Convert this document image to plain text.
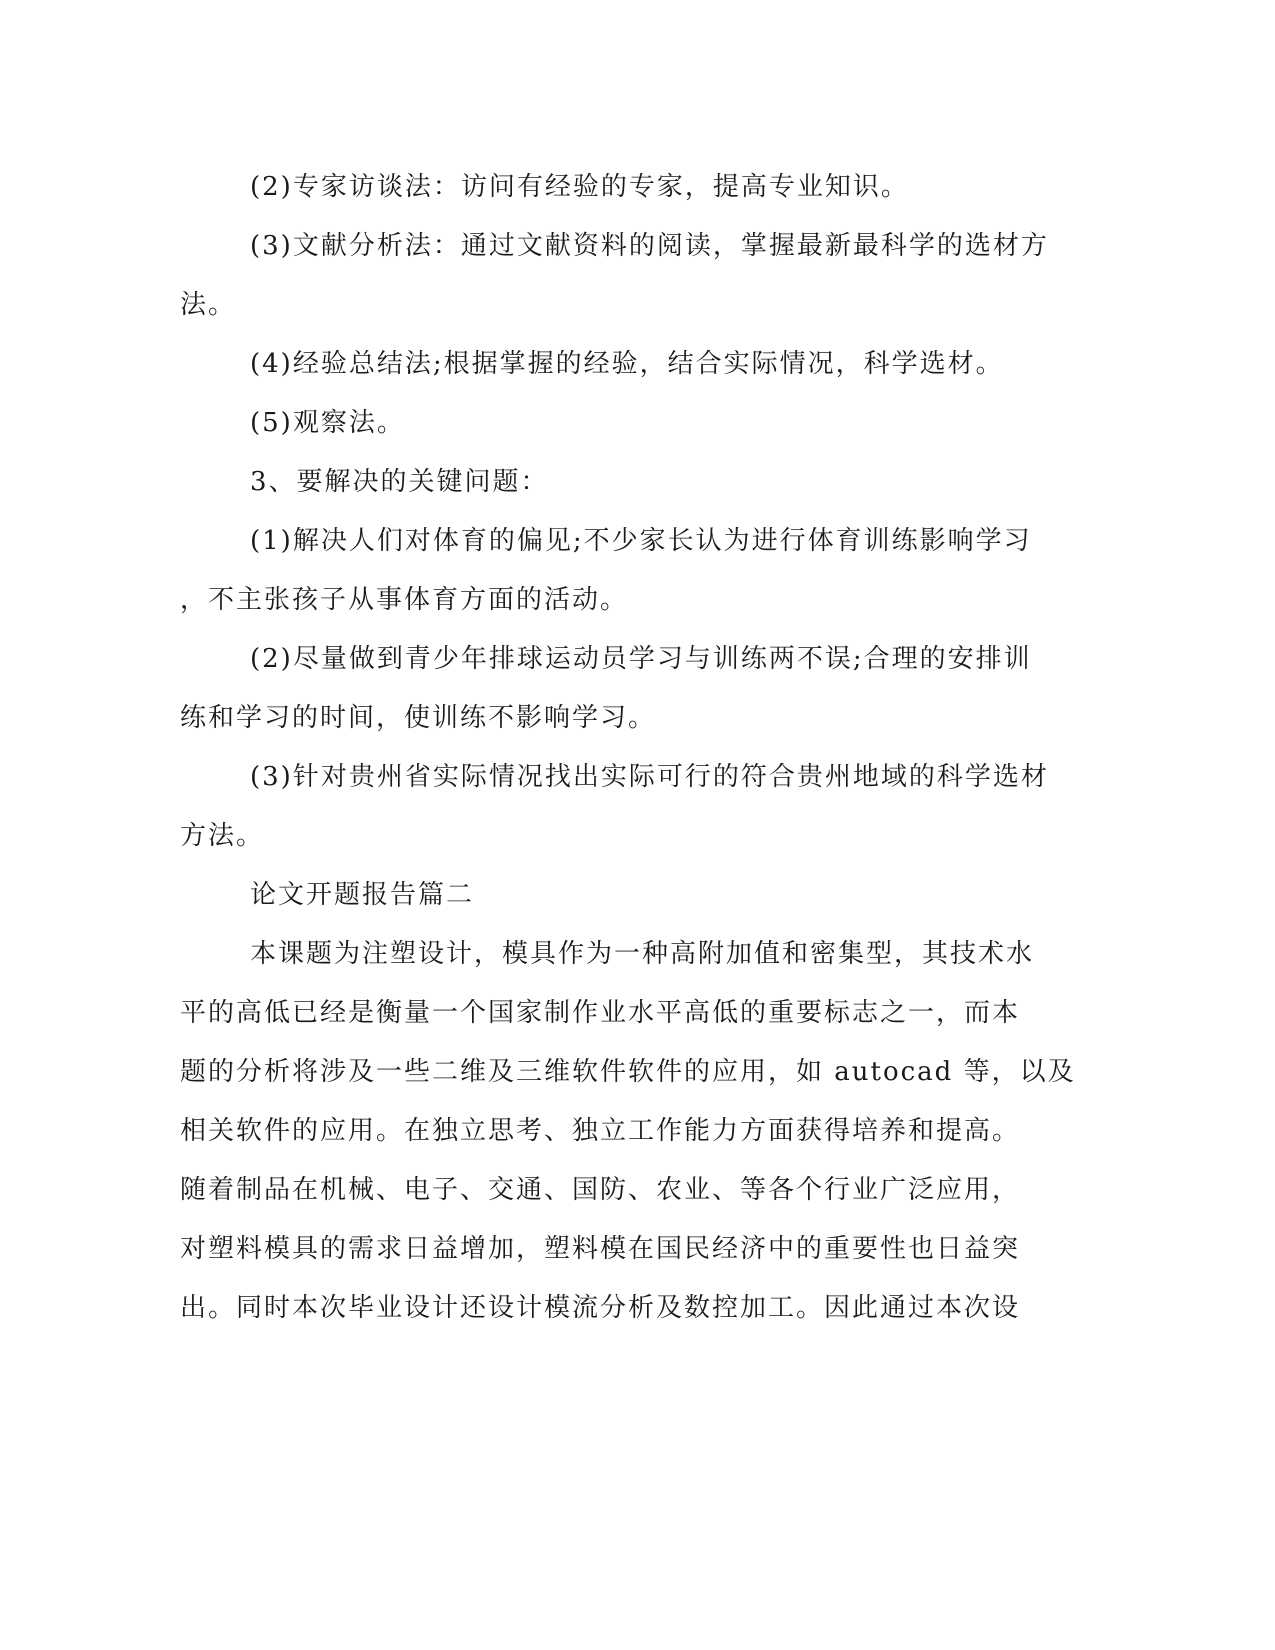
(2)专家访谈法：访问有经验的专家，提高专业知识。
(3)文献分析法：通过文献资料的阅读，掌握最新最科学的选材方
法。
(4)经验总结法;根据掌握的经验，结合实际情况，科学选材。
(5)观察法。
3、要解决的关键问题：
(1)解决人们对体育的偏见;不少家长认为进行体育训练影响学习
，不主张孩子从事体育方面的活动。
(2)尽量做到青少年排球运动员学习与训练两不误;合理的安排训
练和学习的时间，使训练不影响学习。
(3)针对贵州省实际情况找出实际可行的符合贵州地域的科学选材
方法。
论文开题报告篇二
本课题为注塑设计，模具作为一种高附加值和密集型，其技术水
平的高低已经是衡量一个国家制作业水平高低的重要标志之一，而本
题的分析将涉及一些二维及三维软件软件的应用，如 autocad 等，以及
相关软件的应用。在独立思考、独立工作能力方面获得培养和提高。
随着制品在机械、电子、交通、国防、农业、等各个行业广泛应用，
对塑料模具的需求日益增加，塑料模在国民经济中的重要性也日益突
出。同时本次毕业设计还设计模流分析及数控加工。因此通过本次设
